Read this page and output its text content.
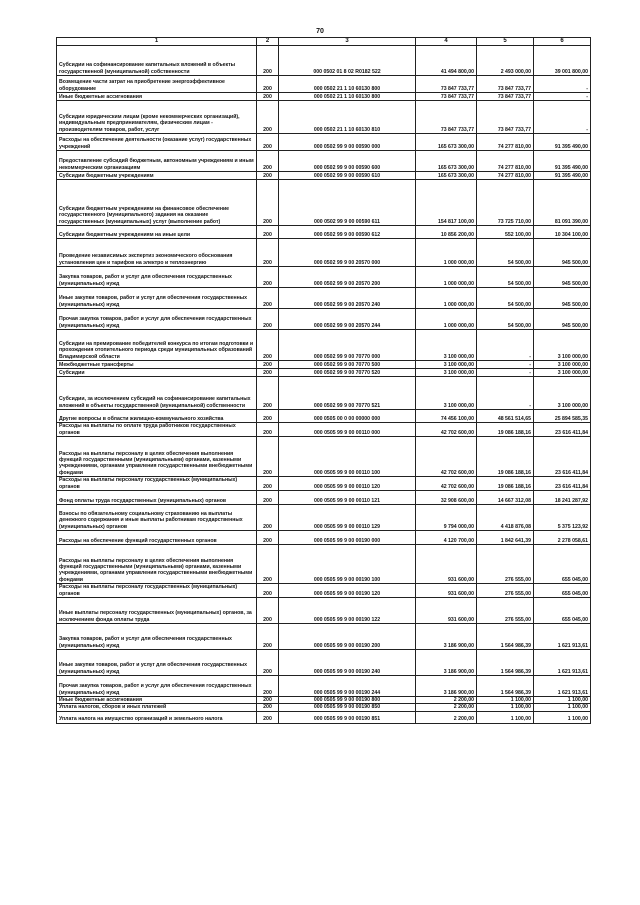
70
1	2	3	4	5	6
Субсидии на софинансирование капитальных вложений в объекты государственной (муниципальной) собственности	200	000 0502 01 8 02 R0182 522	41 494 800,00	2 493 000,00	39 001 800,00
Возмещение части затрат на приобретение энергоэффективное оборудование	200	000 0502 21 1 10 60130 800	73 847 733,77	73 847 733,77	-
Иные бюджетные ассигнования	200	000 0502 21 1 10 60130 800	73 847 733,77	73 847 733,77	-
Субсидии юридическим лицам (кроме некоммерческих организаций), индивидуальным предпринимателям, физическим лицам - производителям товаров, работ, услуг	200	000 0502 21 1 10 60130 810	73 847 733,77	73 847 733,77	-
Расходы на обеспечение деятельности (оказание услуг) государственных учреждений	200	000 0502 99 9 00 00590 000	165 673 300,00	74 277 810,00	91 395 490,00
Предоставление субсидий бюджетным, автономным учреждениям и иным некоммерческим организациям	200	000 0502 99 9 00 00590 600	165 673 300,00	74 277 810,00	91 395 490,00
Субсидии бюджетным учреждениям	200	000 0502 99 9 00 00590 610	165 673 300,00	74 277 810,00	91 395 490,00
Субсидии бюджетным учреждениям на финансовое обеспечение государственного (муниципального) задания на оказание государственных (муниципальных) услуг (выполнение работ)	200	000 0502 99 9 00 00590 611	154 817 100,00	73 725 710,00	81 091 390,00
Субсидии бюджетным учреждениям на иные цели	200	000 0502 99 9 00 00590 612	10 856 200,00	552 100,00	10 304 100,00
Проведение независимых экспертиз экономического обоснования установления цен и тарифов на электро и теплоэнергию	200	000 0502 99 9 00 20570 000	1 000 000,00	54 500,00	945 500,00
Закупка товаров, работ и услуг для обеспечения государственных (муниципальных) нужд	200	000 0502 99 9 00 20570 200	1 000 000,00	54 500,00	945 500,00
Иные закупки товаров, работ и услуг для обеспечения государственных (муниципальных) нужд	200	000 0502 99 9 00 20570 240	1 000 000,00	54 500,00	945 500,00
Прочая закупка товаров, работ и услуг для обеспечения государственных (муниципальных) нужд	200	000 0502 99 9 00 20570 244	1 000 000,00	54 500,00	945 500,00
Субсидии на премирование победителей конкурса по итогам подготовки и прохождения отопительного периода среди муниципальных образований Владимирской области	200	000 0502 99 9 00 70770 000	3 100 000,00	-	3 100 000,00
Межбюджетные трансферты	200	000 0502 99 9 00 70770 500	3 100 000,00	-	3 100 000,00
Субсидии	200	000 0502 99 9 00 70770 520	3 100 000,00	-	3 100 000,00
Субсидии, за исключением субсидий на софинансирование капитальных вложений в объекты государственной (муниципальной) собственности	200	000 0502 99 9 00 70770 521	3 100 000,00	-	3 100 000,00
Другие вопросы в области жилищно-коммунального хозяйства	200	000 0505 00 0 00 00000 000	74 456 100,00	48 561 514,65	25 894 585,35
Расходы на выплаты по оплате труда работников государственных органов	200	000 0505 99 9 00 00110 000	42 702 600,00	19 086 188,16	23 616 411,84
Расходы на выплаты персоналу в целях обеспечения выполнения функций государственными (муниципальными) органами, казенными учреждениями, органами управления государственными внебюджетными фондами	200	000 0505 99 9 00 00110 100	42 702 600,00	19 086 188,16	23 616 411,84
Расходы на выплаты персоналу государственных (муниципальных) органов	200	000 0505 99 9 00 00110 120	42 702 600,00	19 086 188,16	23 616 411,84
Фонд оплаты труда государственных (муниципальных) органов	200	000 0505 99 9 00 00110 121	32 908 600,00	14 667 312,08	18 241 287,92
Взносы по обязательному социальному страхованию на выплаты денежного содержания и иные выплаты работникам государственных (муниципальных) органов	200	000 0505 99 9 00 00110 129	9 794 000,00	4 418 876,08	5 375 123,92
Расходы на обеспечение функций государственных органов	200	000 0505 99 9 00 00190 000	4 120 700,00	1 842 641,39	2 278 058,61
Расходы на выплаты персоналу в целях обеспечения выполнения функций государственными (муниципальными) органами, казенными учреждениями, органами управления государственными внебюджетными фондами	200	000 0505 99 9 00 00190 100	931 600,00	276 555,00	655 045,00
Расходы на выплаты персоналу государственных (муниципальных) органов	200	000 0505 99 9 00 00190 120	931 600,00	276 555,00	655 045,00
Иные выплаты персоналу государственных (муниципальных) органов, за исключением фонда оплаты труда	200	000 0505 99 9 00 00190 122	931 600,00	276 555,00	655 045,00
Закупка товаров, работ и услуг для обеспечения государственных (муниципальных) нужд	200	000 0505 99 9 00 00190 200	3 186 900,00	1 564 986,39	1 621 913,61
Иные закупки товаров, работ и услуг для обеспечения государственных (муниципальных) нужд	200	000 0505 99 9 00 00190 240	3 186 900,00	1 564 986,39	1 621 913,61
Прочая закупка товаров, работ и услуг для обеспечения государственных (муниципальных) нужд	200	000 0505 99 9 00 00190 244	3 186 900,00	1 564 986,39	1 621 913,61
Иные бюджетные ассигнования	200	000 0505 99 9 00 00190 800	2 200,00	1 100,00	1 100,00
Уплата налогов, сборов и иных платежей	200	000 0505 99 9 00 00190 850	2 200,00	1 100,00	1 100,00
Уплата налога на имущество организаций и земельного налога	200	000 0505 99 9 00 00190 851	2 200,00	1 100,00	1 100,00
